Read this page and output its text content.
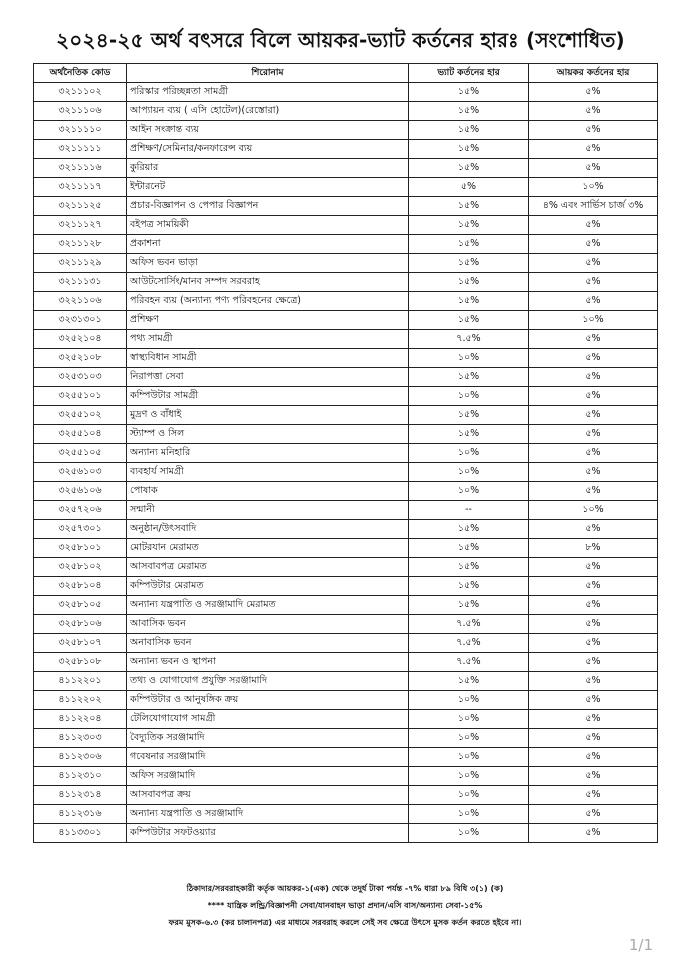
২০২৪-২৫ অর্থ বৎসরে বিলে আয়কর-ভ্যাট কর্তনের হারঃ (সংশোধিত)
অর্থনৈতিক কোড	শিরোনাম	ভ্যাট কর্তনের হার	আয়কর কর্তনের হার
৩২১১১০২	পরিস্কার পরিচ্ছন্নতা সামগ্রী	১৫%	৫%
৩২১১১০৬	আপ্যায়ন ব্যয় ( এসি হোটেল)(রেস্তোরা)	১৫%	৫%
৩২১১১১০	আইন সংক্রান্ত ব্যয়	১৫%	৫%
৩২১১১১১	প্রশিক্ষণ/সেমিনার/কনফারেন্স ব্যয়	১৫%	৫%
৩২১১১১৬	কুরিয়ার	১৫%	৫%
৩২১১১১৭	ইন্টারনেট	৫%	১০%
৩২১১১২৫	প্রচার-বিজ্ঞাপন ও পেপার বিজ্ঞাপন	১৫%	৪% এবং সার্ভিস চার্জ ৩%
৩২১১১২৭	বইপত্র সাময়িকী	১৫%	৫%
৩২১১১২৮	প্রকাশনা	১৫%	৫%
৩২১১১২৯	অফিস ভবন ভাড়া	১৫%	৫%
৩২১১১৩১	আউটসোর্সিং/মানব সম্পদ সরবরাহ	১৫%	৫%
৩২২১১০৬	পরিবহন ব্যয় (অন্যান্য পণ্য পরিবহনের ক্ষেত্রে)	১৫%	৫%
৩২৩১৩০১	প্রশিক্ষণ	১৫%	১০%
৩২৫২১০৪	পথ্য সামগ্রী	৭.৫%	৫%
৩২৫২১০৮	স্বাস্থ্যবিধান সামগ্রী	১০%	৫%
৩২৫৩১০৩	নিরাপত্তা সেবা	১৫%	৫%
৩২৫৫১০১	কম্পিউটার সামগ্রী	১০%	৫%
৩২৫৫১০২	মুদ্রণ ও বাঁধাই	১৫%	৫%
৩২৫৫১০৪	স্ট্যাম্প ও সিল	১৫%	৫%
৩২৫৫১০৫	অন্যান্য মনিহারি	১০%	৫%
৩২৫৬১০৩	ব্যবহার্য সামগ্রী	১০%	৫%
৩২৫৬১০৬	পোষাক	১০%	৫%
৩২৫৭২০৬	সন্মানী	--	১০%
৩২৫৭৩০১	অনুষ্ঠান/উৎসবাদি	১৫%	৫%
৩২৫৮১০১	মোটরযান মেরামত	১৫%	৮%
৩২৫৮১০২	আসবাবপত্র মেরামত	১৫%	৫%
৩২৫৮১০৪	কম্পিউটার মেরামত	১৫%	৫%
৩২৫৮১০৫	অন্যান্য যন্ত্রপাতি ও সরঞ্জামাদি মেরামত	১৫%	৫%
৩২৫৮১০৬	আবাসিক ভবন	৭.৫%	৫%
৩২৫৮১০৭	অনাবাসিক ভবন	৭.৫%	৫%
৩২৫৮১০৮	অন্যান্য ভবন ও স্থাপনা	৭.৫%	৫%
৪১১২২০১	তথ্য ও যোগাযোগ প্রযুক্তি সরঞ্জামাদি	১৫%	৫%
৪১১২২০২	কম্পিউটার ও আনুষঙ্গিক ক্রয়	১০%	৫%
৪১১২২০৪	টেলিযোগাযোগ সামগ্রী	১০%	৫%
৪১১২৩০৩	বৈদ্যুতিক সরঞ্জামাদি	১০%	৫%
৪১১২৩০৬	গবেষনার সরঞ্জামাদি	১০%	৫%
৪১১২৩১০	অফিস সরঞ্জামাদি	১০%	৫%
৪১১২৩১৪	আসবাবপত্র ক্রয়	১০%	৫%
৪১১২৩১৬	অন্যান্য যন্ত্রপাতি ও সরঞ্জামাদি	১০%	৫%
৪১১৩৩০১	কম্পিউটার সফটওয়্যার	১০%	৫%
ঠিকাদার/সরবরাহকারী কর্তৃক আয়কর-১(এক) থেকে তদুর্ধ টাকা পর্যন্ত -৭% ধারা ৮৯ বিধি ৩(১) (ক)
**** যান্ত্রিক লন্ড্রি/বিজ্ঞাপনী সেবা/যানবাহন ভাড়া প্রদান/এসি বাস/অন্যান্য সেবা-১৫%
ফরম মুসক-৬.৩ (কর চালানপত্র) এর মাধ্যমে সরবরাহ করলে সেই সব ক্ষেত্রে উৎসে মুসক কর্তন করতে হইবে না।
1/1
